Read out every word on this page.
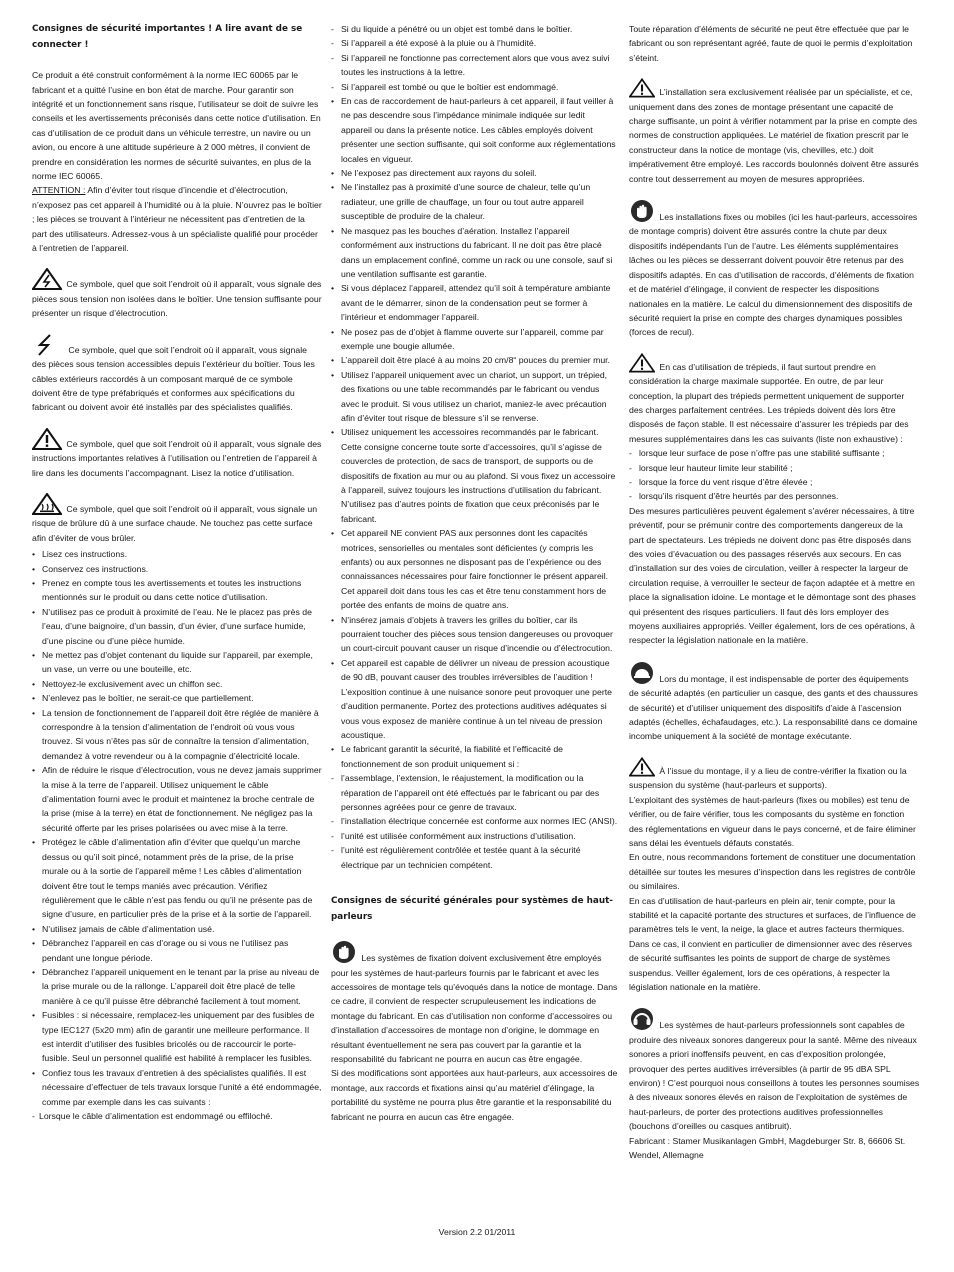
Consignes de sécurité importantes ! A lire avant de se connecter !

Ce produit a été construit conformément à la norme IEC 60065 par le fabricant et a quitté l’usine en bon état de marche. Pour garantir son intégrité et un fonctionnement sans risque, l’utilisateur se doit de suivre les conseils et les avertissements préconisés dans cette notice d’utilisation. En cas d’utilisation de ce produit dans un véhicule terrestre, un navire ou un avion, ou encore à une altitude supérieure à 2 000 mètres, il convient de prendre en considération les normes de sécurité suivantes, en plus de la norme IEC 60065.

ATTENTION : Afin d’éviter tout risque d’incendie et d’électrocution, n’exposez pas cet appareil à l’humidité ou à la pluie. N’ouvrez pas le boîtier ; les pièces se trouvant à l’intérieur ne nécessitent pas d’entretien de la part des utilisateurs. Adressez-vous à un spécialiste qualifié pour procéder à l’entretien de l’appareil.

Ce symbole, quel que soit l’endroit où il apparaît, vous signale des pièces sous tension non isolées dans le boîtier. Une tension suffisante pour présenter un risque d’électrocution.

Ce symbole, quel que soit l’endroit où il apparaît, vous signale des pièces sous tension accessibles depuis l’extérieur du boîtier. Tous les câbles extérieurs raccordés à un composant marqué de ce symbole doivent être de type préfabriqués et conformes aux spécifications du fabricant ou doivent avoir été installés par des spécialistes qualifiés.

Ce symbole, quel que soit l’endroit où il apparaît, vous signale des instructions importantes relatives à l’utilisation ou l’entretien de l’appareil à lire dans les documents l’accompagnant. Lisez la notice d’utilisation.

Ce symbole, quel que soit l’endroit où il apparaît, vous signale un risque de brûlure dû à une surface chaude. Ne touchez pas cette surface afin d’éviter de vous brûler.

• Lisez ces instructions.
• Conservez ces instructions.
• Prenez en compte tous les avertissements et toutes les instructions mentionnés sur le produit ou dans cette notice d’utilisation.
• N’utilisez pas ce produit à proximité de l’eau. Ne le placez pas près de l’eau, d’une baignoire, d’un bassin, d’un évier, d’une surface humide, d’une piscine ou d’une pièce humide.
• Ne mettez pas d’objet contenant du liquide sur l’appareil, par exemple, un vase, un verre ou une bouteille, etc.
• Nettoyez-le exclusivement avec un chiffon sec.
• N’enlevez pas le boîtier, ne serait-ce que partiellement.
• La tension de fonctionnement de l’appareil doit être réglée de manière à correspondre à la tension d’alimentation de l’endroit où vous vous trouvez. Si vous n’êtes pas sûr de connaître la tension d’alimentation, demandez à votre revendeur ou à la compagnie d’électricité locale.
• Afin de réduire le risque d’électrocution, vous ne devez jamais supprimer la mise à la terre de l’appareil. Utilisez uniquement le câble d’alimentation fourni avec le produit et maintenez la broche centrale de la prise (mise à la terre) en état de fonctionnement. Ne négligez pas la sécurité offerte par les prises polarisées ou avec mise à la terre.
• Protégez le câble d’alimentation afin d’éviter que quelqu’un marche dessus ou qu’il soit pincé, notamment près de la prise, de la prise murale ou à la sortie de l’appareil même ! Les câbles d’alimentation doivent être tout le temps maniés avec précaution. Vérifiez régulièrement que le câble n’est pas fendu ou qu’il ne présente pas de signe d’usure, en particulier près de la prise et à la sortie de l’appareil.
• N’utilisez jamais de câble d’alimentation usé.
• Débranchez l’appareil en cas d’orage ou si vous ne l’utilisez pas pendant une longue période.
• Débranchez l’appareil uniquement en le tenant par la prise au niveau de la prise murale ou de la rallonge. L’appareil doit être placé de telle manière à ce qu’il puisse être débranché facilement à tout moment.
• Fusibles : si nécessaire, remplacez-les uniquement par des fusibles de type IEC127 (5x20 mm) afin de garantir une meilleure performance. Il est interdit d’utiliser des fusibles bricolés ou de raccourcir le porte-fusible. Seul un personnel qualifié est habilité à remplacer les fusibles.
• Confiez tous les travaux d’entretien à des spécialistes qualifiés. Il est nécessaire d’effectuer de tels travaux lorsque l’unité a été endommagée, comme par exemple dans les cas suivants :
- Lorsque le câble d’alimentation est endommagé ou effiloché.
- Si du liquide a pénétré ou un objet est tombé dans le boîtier.
- Si l’appareil a été exposé à la pluie ou à l’humidité.
- Si l’appareil ne fonctionne pas correctement alors que vous avez suivi toutes les instructions à la lettre.
- Si l’appareil est tombé ou que le boîtier est endommagé.
• En cas de raccordement de haut-parleurs à cet appareil, il faut veiller à ne pas descendre sous l’impédance minimale indiquée sur ledit appareil ou dans la présente notice. Les câbles employés doivent présenter une section suffisante, qui soit conforme aux réglementations locales en vigueur.
• Ne l’exposez pas directement aux rayons du soleil.
• Ne l’installez pas à proximité d’une source de chaleur, telle qu’un radiateur, une grille de chauffage, un four ou tout autre appareil susceptible de produire de la chaleur.
• Ne masquez pas les bouches d’aération. Installez l’appareil conformément aux instructions du fabricant. Il ne doit pas être placé dans un emplacement confiné, comme un rack ou une console, sauf si une ventilation suffisante est garantie.
• Si vous déplacez l’appareil, attendez qu’il soit à température ambiante avant de le démarrer, sinon de la condensation peut se former à l’intérieur et endommager l’appareil.
• Ne posez pas de d’objet à flamme ouverte sur l’appareil, comme par exemple une bougie allumée.
• L’appareil doit être placé à au moins 20 cm/8“ pouces du premier mur.
• Utilisez l’appareil uniquement avec un chariot, un support, un trépied, des fixations ou une table recommandés par le fabricant ou vendus avec le produit. Si vous utilisez un chariot, maniez-le avec précaution afin d’éviter tout risque de blessure s’il se renverse.
• Utilisez uniquement les accessoires recommandés par le fabricant. Cette consigne concerne toute sorte d’accessoires, qu’il s’agisse de couvercles de protection, de sacs de transport, de supports ou de dispositifs de fixation au mur ou au plafond. Si vous fixez un accessoire à l’appareil, suivez toujours les instructions d’utilisation du fabricant. N’utilisez pas d’autres points de fixation que ceux préconisés par le fabricant.
• Cet appareil NE convient PAS aux personnes dont les capacités motrices, sensorielles ou mentales sont déficientes (y compris les enfants) ou aux personnes ne disposant pas de l’expérience ou des connaissances nécessaires pour faire fonctionner le présent appareil. Cet appareil doit dans tous les cas et être tenu constamment hors de portée des enfants de moins de quatre ans.
• N’insérez jamais d’objets à travers les grilles du boîtier, car ils pourraient toucher des pièces sous tension dangereuses ou provoquer un court-circuit pouvant causer un risque d’incendie ou d’électrocution.
• Cet appareil est capable de délivrer un niveau de pression acoustique de 90 dB, pouvant causer des troubles irréversibles de l’audition ! L’exposition continue à une nuisance sonore peut provoquer une perte d’audition permanente. Portez des protections auditives adéquates si vous vous exposez de manière continue à un tel niveau de pression acoustique.
• Le fabricant garantit la sécurité, la fiabilité et l’efficacité de fonctionnement de son produit uniquement si :
- l’assemblage, l’extension, le réajustement, la modification ou la réparation de l’appareil ont été effectués par le fabricant ou par des personnes agréées pour ce genre de travaux.
- l’installation électrique concernée est conforme aux normes IEC (ANSI).
- l’unité est utilisée conformément aux instructions d’utilisation.
- l’unité est régulièrement contrôlée et testée quant à la sécurité électrique par un technicien compétent.

Consignes de sécurité générales pour systèmes de haut-parleurs

Les systèmes de fixation doivent exclusivement être employés pour les systèmes de haut-parleurs fournis par le fabricant et avec les accessoires de montage tels qu’évoqués dans la notice de montage. Dans ce cadre, il convient de respecter scrupuleusement les indications de montage du fabricant. En cas d’utilisation non conforme d’accessoires ou d’installation d’accessoires de montage non d’origine, le dommage en résultant éventuellement ne sera pas couvert par la garantie et la responsabilité du fabricant ne pourra en aucun cas être engagée.

Si des modifications sont apportées aux haut-parleurs, aux accessoires de montage, aux raccords et fixations ainsi qu’au matériel d’élingage, la portabilité du système ne pourra plus être garantie et la responsabilité du fabricant ne pourra en aucun cas être engagée.

Toute réparation d’éléments de sécurité ne peut être effectuée que par le fabricant ou son représentant agréé, faute de quoi le permis d’exploitation s’éteint.

L’installation sera exclusivement réalisée par un spécialiste, et ce, uniquement dans des zones de montage présentant une capacité de charge suffisante, un point à vérifier notamment par la prise en compte des normes de construction appliquées. Le matériel de fixation prescrit par le constructeur dans la notice de montage (vis, chevilles, etc.) doit impérativement être employé. Les raccords boulonnés doivent être assurés contre tout desserrement au moyen de mesures appropriées.

Les installations fixes ou mobiles (ici les haut-parleurs, accessoires de montage compris) doivent être assurés contre la chute par deux dispositifs indépendants l’un de l’autre. Les éléments supplémentaires lâches ou les pièces se desserrant doivent pouvoir être retenus par des dispositifs adaptés. En cas d’utilisation de raccords, d’éléments de fixation et de matériel d’élingage, il convient de respecter les dispositions nationales en la matière. Le calcul du dimensionnement des dispositifs de sécurité requiert la prise en compte des charges dynamiques possibles (forces de recul).

En cas d’utilisation de trépieds, il faut surtout prendre en considération la charge maximale supportée. En outre, de par leur conception, la plupart des trépieds permettent uniquement de supporter des charges parfaitement centrées. Les trépieds doivent dès lors être disposés de façon stable. Il est nécessaire d’assurer les trépieds par des mesures supplémentaires dans les cas suivants (liste non exhaustive) :

- lorsque leur surface de pose n’offre pas une stabilité suffisante ;
- lorsque leur hauteur limite leur stabilité ;
- lorsque la force du vent risque d’être élevée ;
- lorsqu’ils risquent d’être heurtés par des personnes.

Des mesures particulières peuvent également s’avérer nécessaires, à titre préventif, pour se prémunir contre des comportements dangereux de la part de spectateurs. Les trépieds ne doivent donc pas être disposés dans des voies d’évacuation ou des passages réservés aux secours. En cas d’installation sur des voies de circulation, veiller à respecter la largeur de circulation requise, à verrouiller le secteur de façon adaptée et à mettre en place la signalisation idoine. Le montage et le démontage sont des phases qui présentent des risques particuliers. Il faut dès lors employer des moyens auxiliaires appropriés. Veiller également, lors de ces opérations, à respecter la législation nationale en la matière.

Lors du montage, il est indispensable de porter des équipements de sécurité adaptés (en particulier un casque, des gants et des chaussures de sécurité) et d’utiliser uniquement des dispositifs d’aide à l’ascension adaptés (échelles, échafaudages, etc.). La responsabilité dans ce domaine incombe uniquement à la société de montage exécutante.

À l’issue du montage, il y a lieu de contre-vérifier la fixation ou la suspension du système (haut-parleurs et supports).

L’exploitant des systèmes de haut-parleurs (fixes ou mobiles) est tenu de vérifier, ou de faire vérifier, tous les composants du système en fonction des réglementations en vigueur dans le pays concerné, et de faire éliminer sans délai les éventuels défauts constatés.

En outre, nous recommandons fortement de constituer une documentation détaillée sur toutes les mesures d’inspection dans les registres de contrôle ou similaires.

En cas d’utilisation de haut-parleurs en plein air, tenir compte, pour la stabilité et la capacité portante des structures et surfaces, de l’influence de paramètres tels le vent, la neige, la glace et autres facteurs thermiques. Dans ce cas, il convient en particulier de dimensionner avec des réserves de sécurité suffisantes les points de support de charge de systèmes suspendus. Veiller également, lors de ces opérations, à respecter la législation nationale en la matière.

Les systèmes de haut-parleurs professionnels sont capables de produire des niveaux sonores dangereux pour la santé. Même des niveaux sonores a priori inoffensifs peuvent, en cas d’exposition prolongée, provoquer des pertes auditives irréversibles (à partir de 95 dBA SPL environ) ! C’est pourquoi nous conseillons à toutes les personnes soumises à des niveaux sonores élevés en raison de l’exploitation de systèmes de haut-parleurs, de porter des protections auditives professionnelles (bouchons d’oreilles ou casques antibruit).

Fabricant : Stamer Musikanlagen GmbH, Magdeburger Str. 8, 66606 St. Wendel, Allemagne

Version 2.2 01/2011
